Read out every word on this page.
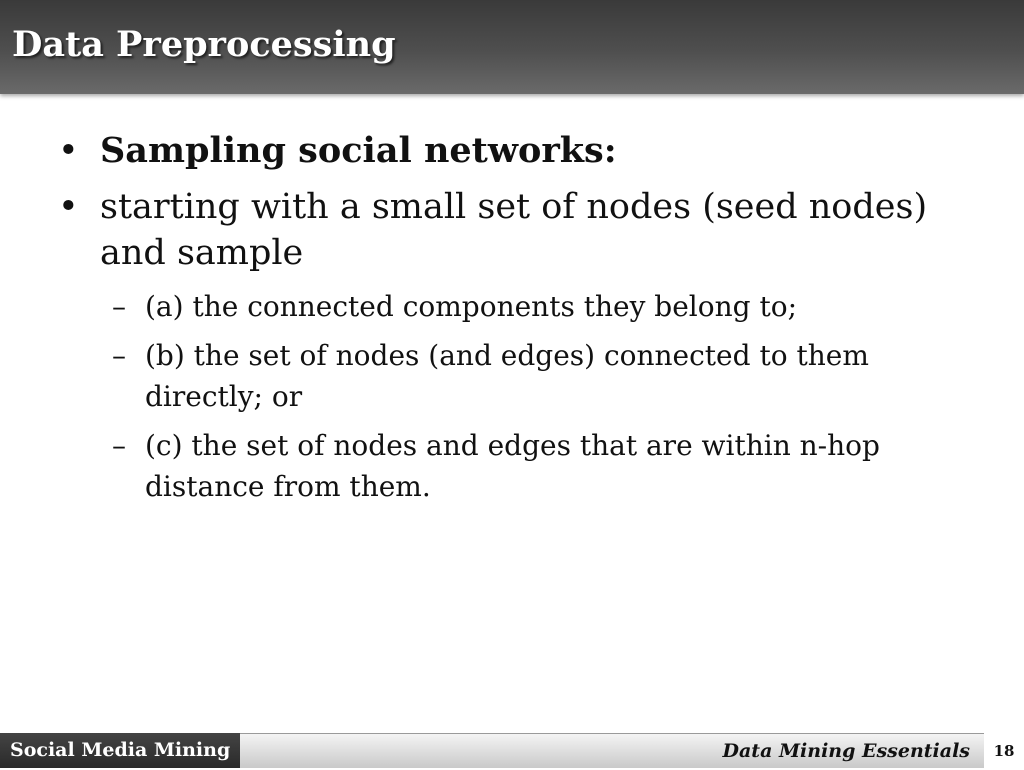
Data Preprocessing
• Sampling social networks:
• starting with a small set of nodes (seed nodes) and sample
– (a) the connected components they belong to;
– (b) the set of nodes (and edges) connected to them directly; or
– (c) the set of nodes and edges that are within n-hop distance from them.
Social Media Mining	Data Mining Essentials	18
